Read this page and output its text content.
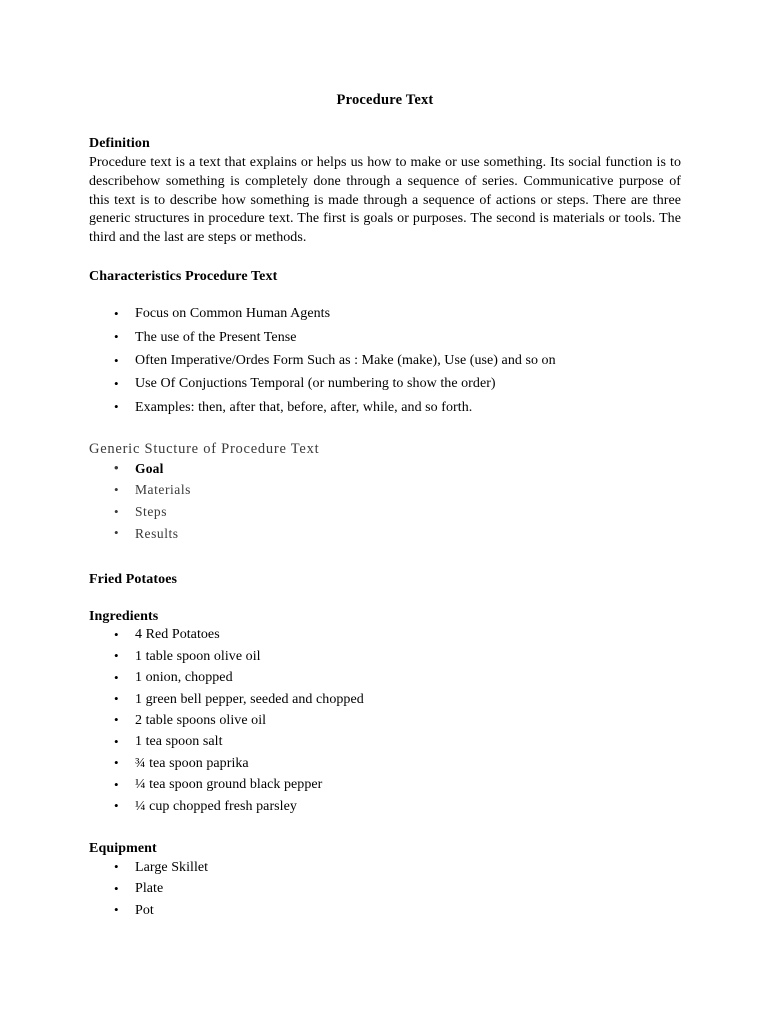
Procedure Text
Definition

Procedure text is a text that explains or helps us how to make or use something. Its social function is to describehow something is completely done through a sequence of series. Communicative purpose of this text is to describe how something is made through a sequence of actions or steps. There are three generic structures in procedure text. The first is goals or purposes. The second is materials or tools. The third and the last are steps or methods.

Characteristics Procedure Text
• Focus on Common Human Agents
• The use of the Present Tense
• Often Imperative/Ordes Form Such as : Make (make), Use (use) and so on
• Use Of Conjuctions Temporal (or numbering to show the order)
• Examples: then, after that, before, after, while, and so forth.
Generic Stucture of Procedure Text
• Goal
• Materials
• Steps
• Results
Fried Potatoes
Ingredients
• 4 Red Potatoes
• 1 table spoon olive oil
• 1 onion, chopped
• 1 green bell pepper, seeded and chopped
• 2 table spoons olive oil
• 1 tea spoon salt
• ¾ tea spoon paprika
• ¼ tea spoon ground black pepper
• ¼ cup chopped fresh parsley
Equipment
• Large Skillet
• Plate
• Pot
